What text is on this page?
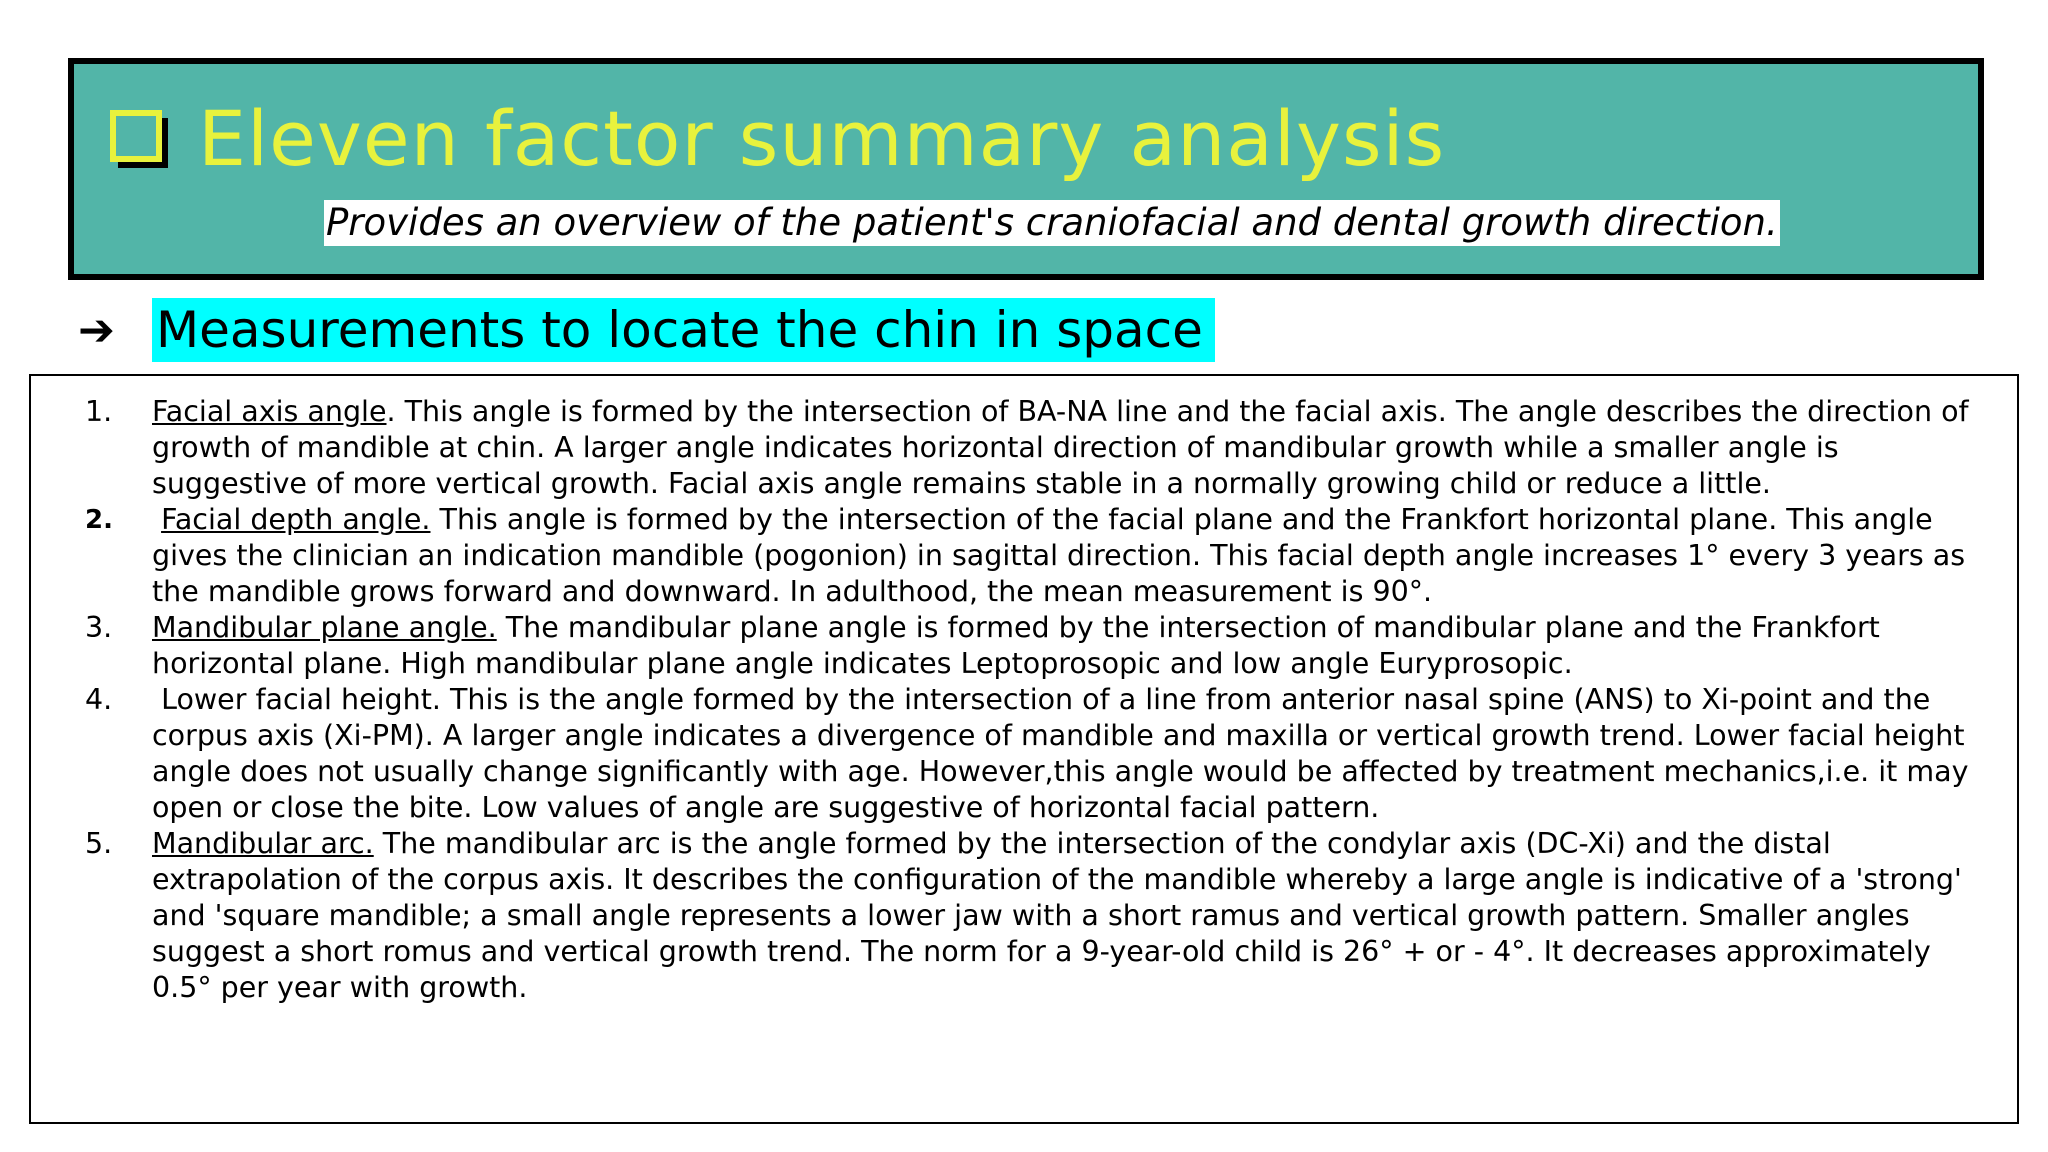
Eleven factor summary analysis
Provides an overview of the patient's craniofacial and dental growth direction.
➔ Measurements to locate the chin in space
1.	Facial axis angle. This angle is formed by the intersection of BA-NA line and the facial axis. The angle describes the direction of growth of mandible at chin. A larger angle indicates horizontal direction of mandibular growth while a smaller angle is suggestive of more vertical growth. Facial axis angle remains stable in a normally growing child or reduce a little.
2.	Facial depth angle. This angle is formed by the intersection of the facial plane and the Frankfort horizontal plane. This angle gives the clinician an indication mandible (pogonion) in sagittal direction. This facial depth angle increases 1° every 3 years as the mandible grows forward and downward. In adulthood, the mean measurement is 90°.
3.	Mandibular plane angle. The mandibular plane angle is formed by the intersection of mandibular plane and the Frankfort horizontal plane. High mandibular plane angle indicates Leptoprosopic and low angle Euryprosopic.
4.	Lower facial height. This is the angle formed by the intersection of a line from anterior nasal spine (ANS) to Xi-point and the corpus axis (Xi-PM). A larger angle indicates a divergence of mandible and maxilla or vertical growth trend. Lower facial height angle does not usually change significantly with age. However,this angle would be affected by treatment mechanics,i.e. it may open or close the bite. Low values of angle are suggestive of horizontal facial pattern.
5.	Mandibular arc. The mandibular arc is the angle formed by the intersection of the condylar axis (DC-Xi) and the distal extrapolation of the corpus axis. It describes the configuration of the mandible whereby a large angle is indicative of a 'strong' and 'square mandible; a small angle represents a lower jaw with a short ramus and vertical growth pattern. Smaller angles suggest a short romus and vertical growth trend. The norm for a 9-year-old child is 26° + or - 4°. It decreases approximately 0.5° per year with growth.
